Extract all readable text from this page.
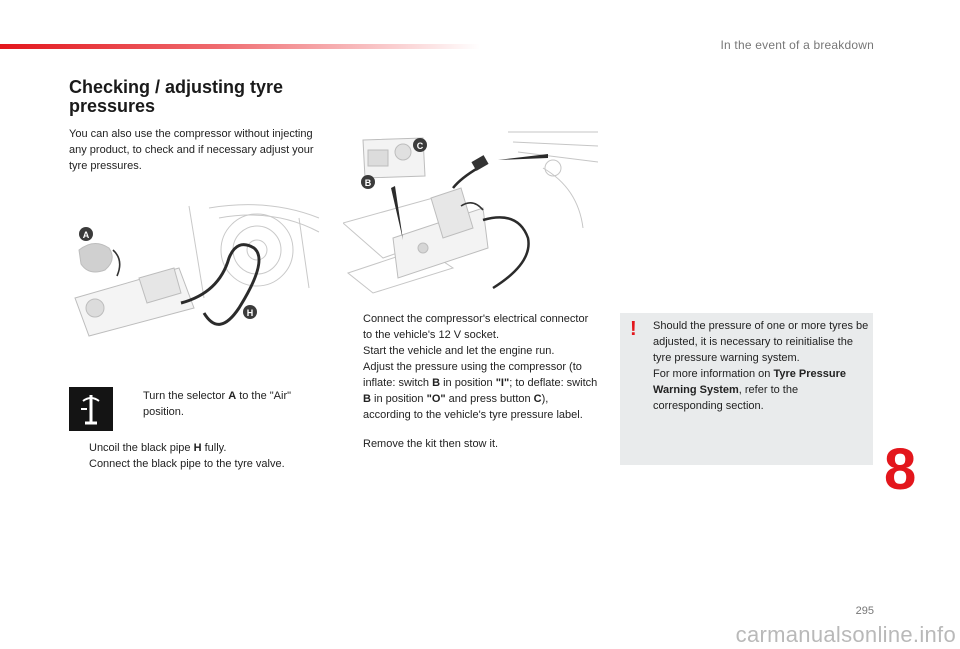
In the event of a breakdown
Checking / adjusting tyre pressures

You can also use the compressor without injecting any product, to check and if necessary adjust your tyre pressures.

A
H
C
B
Turn the selector A to the "Air" position.
Uncoil the black pipe H fully.
Connect the black pipe to the tyre valve.
Connect the compressor's electrical connector to the vehicle's 12 V socket.
Start the vehicle and let the engine run.
Adjust the pressure using the compressor (to inflate: switch B in position "I"; to deflate: switch B in position "O" and press button C), according to the vehicle's tyre pressure label.
Remove the kit then stow it.
! Should the pressure of one or more tyres be adjusted, it is necessary to reinitialise the tyre pressure warning system.
For more information on Tyre Pressure Warning System, refer to the corresponding section.
8
295
carmanualsonline.info
